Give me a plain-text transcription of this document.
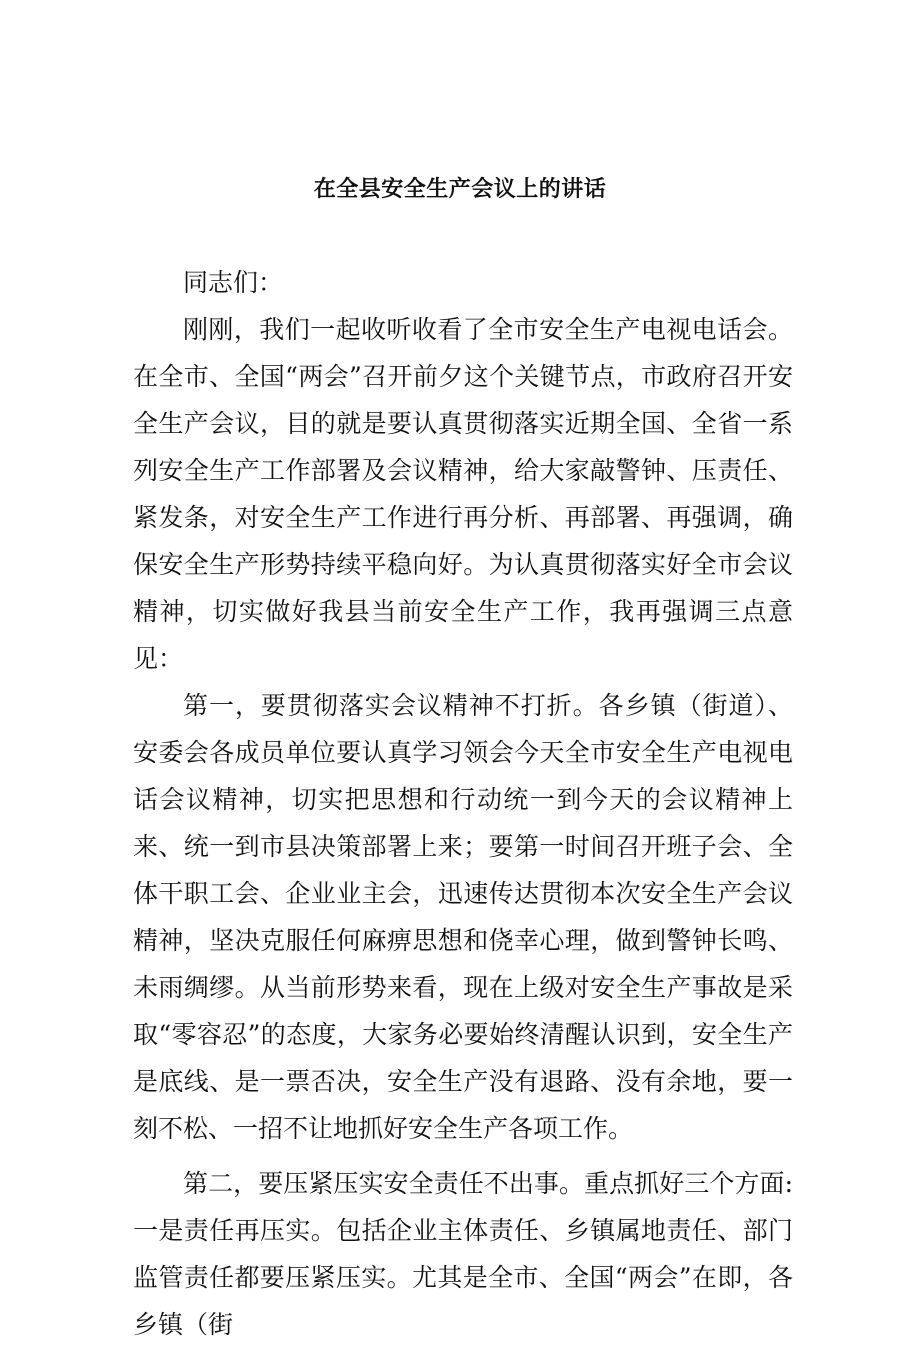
在全县安全生产会议上的讲话

同志们：

刚刚，我们一起收听收看了全市安全生产电视电话会。在全市、全国“两会”召开前夕这个关键节点，市政府召开安全生产会议，目的就是要认真贯彻落实近期全国、全省一系列安全生产工作部署及会议精神，给大家敲警钟、压责任、紧发条，对安全生产工作进行再分析、再部署、再强调，确保安全生产形势持续平稳向好。为认真贯彻落实好全市会议精神，切实做好我县当前安全生产工作，我再强调三点意见：

第一，要贯彻落实会议精神不打折。各乡镇（街道）、安委会各成员单位要认真学习领会今天全市安全生产电视电话会议精神，切实把思想和行动统一到今天的会议精神上来、统一到市县决策部署上来；要第一时间召开班子会、全体干职工会、企业业主会，迅速传达贯彻本次安全生产会议精神，坚决克服任何麻痹思想和侥幸心理，做到警钟长鸣、未雨绸缪。从当前形势来看，现在上级对安全生产事故是采取“零容忍”的态度，大家务必要始终清醒认识到，安全生产是底线、是一票否决，安全生产没有退路、没有余地，要一刻不松、一招不让地抓好安全生产各项工作。

第二，要压紧压实安全责任不出事。重点抓好三个方面:一是责任再压实。包括企业主体责任、乡镇属地责任、部门监管责任都要压紧压实。尤其是全市、全国“两会”在即，各乡镇（街
